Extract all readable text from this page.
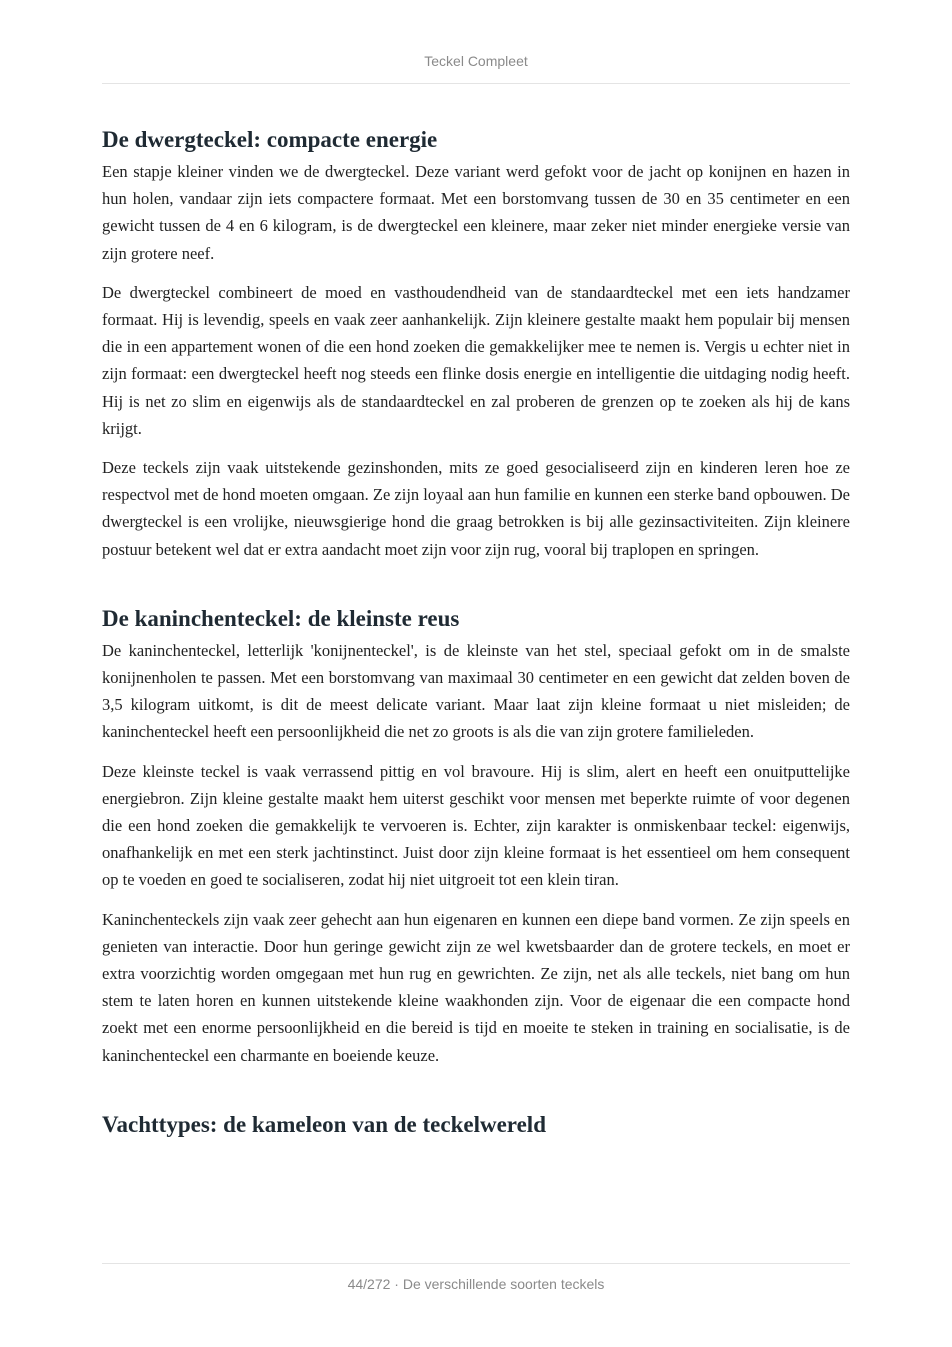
Teckel Compleet
De dwergteckel: compacte energie

Een stapje kleiner vinden we de dwergteckel. Deze variant werd gefokt voor de jacht op konijnen en hazen in hun holen, vandaar zijn iets compactere formaat. Met een borstomvang tussen de 30 en 35 centimeter en een gewicht tussen de 4 en 6 kilogram, is de dwergteckel een kleinere, maar zeker niet minder energieke versie van zijn grotere neef.

De dwergteckel combineert de moed en vasthoudendheid van de standaardteckel met een iets handzamer formaat. Hij is levendig, speels en vaak zeer aanhankelijk. Zijn kleinere gestalte maakt hem populair bij mensen die in een appartement wonen of die een hond zoeken die gemakkelijker mee te nemen is. Vergis u echter niet in zijn formaat: een dwergteckel heeft nog steeds een flinke dosis energie en intelligentie die uitdaging nodig heeft. Hij is net zo slim en eigenwijs als de standaardteckel en zal proberen de grenzen op te zoeken als hij de kans krijgt.

Deze teckels zijn vaak uitstekende gezinshonden, mits ze goed gesocialiseerd zijn en kinderen leren hoe ze respectvol met de hond moeten omgaan. Ze zijn loyaal aan hun familie en kunnen een sterke band opbouwen. De dwergteckel is een vrolijke, nieuwsgierige hond die graag betrokken is bij alle gezinsactiviteiten. Zijn kleinere postuur betekent wel dat er extra aandacht moet zijn voor zijn rug, vooral bij traplopen en springen.

De kaninchenteckel: de kleinste reus

De kaninchenteckel, letterlijk 'konijnenteckel', is de kleinste van het stel, speciaal gefokt om in de smalste konijnenholen te passen. Met een borstomvang van maximaal 30 centimeter en een gewicht dat zelden boven de 3,5 kilogram uitkomt, is dit de meest delicate variant. Maar laat zijn kleine formaat u niet misleiden; de kaninchenteckel heeft een persoonlijkheid die net zo groots is als die van zijn grotere familieleden.

Deze kleinste teckel is vaak verrassend pittig en vol bravoure. Hij is slim, alert en heeft een onuitputtelijke energiebron. Zijn kleine gestalte maakt hem uiterst geschikt voor mensen met beperkte ruimte of voor degenen die een hond zoeken die gemakkelijk te vervoeren is. Echter, zijn karakter is onmiskenbaar teckel: eigenwijs, onafhankelijk en met een sterk jachtinstinct. Juist door zijn kleine formaat is het essentieel om hem consequent op te voeden en goed te socialiseren, zodat hij niet uitgroeit tot een klein tiran.

Kaninchenteckels zijn vaak zeer gehecht aan hun eigenaren en kunnen een diepe band vormen. Ze zijn speels en genieten van interactie. Door hun geringe gewicht zijn ze wel kwetsbaarder dan de grotere teckels, en moet er extra voorzichtig worden omgegaan met hun rug en gewrichten. Ze zijn, net als alle teckels, niet bang om hun stem te laten horen en kunnen uitstekende kleine waakhonden zijn. Voor de eigenaar die een compacte hond zoekt met een enorme persoonlijkheid en die bereid is tijd en moeite te steken in training en socialisatie, is de kaninchenteckel een charmante en boeiende keuze.

Vachttypes: de kameleon van de teckelwereld
44/272 · De verschillende soorten teckels
